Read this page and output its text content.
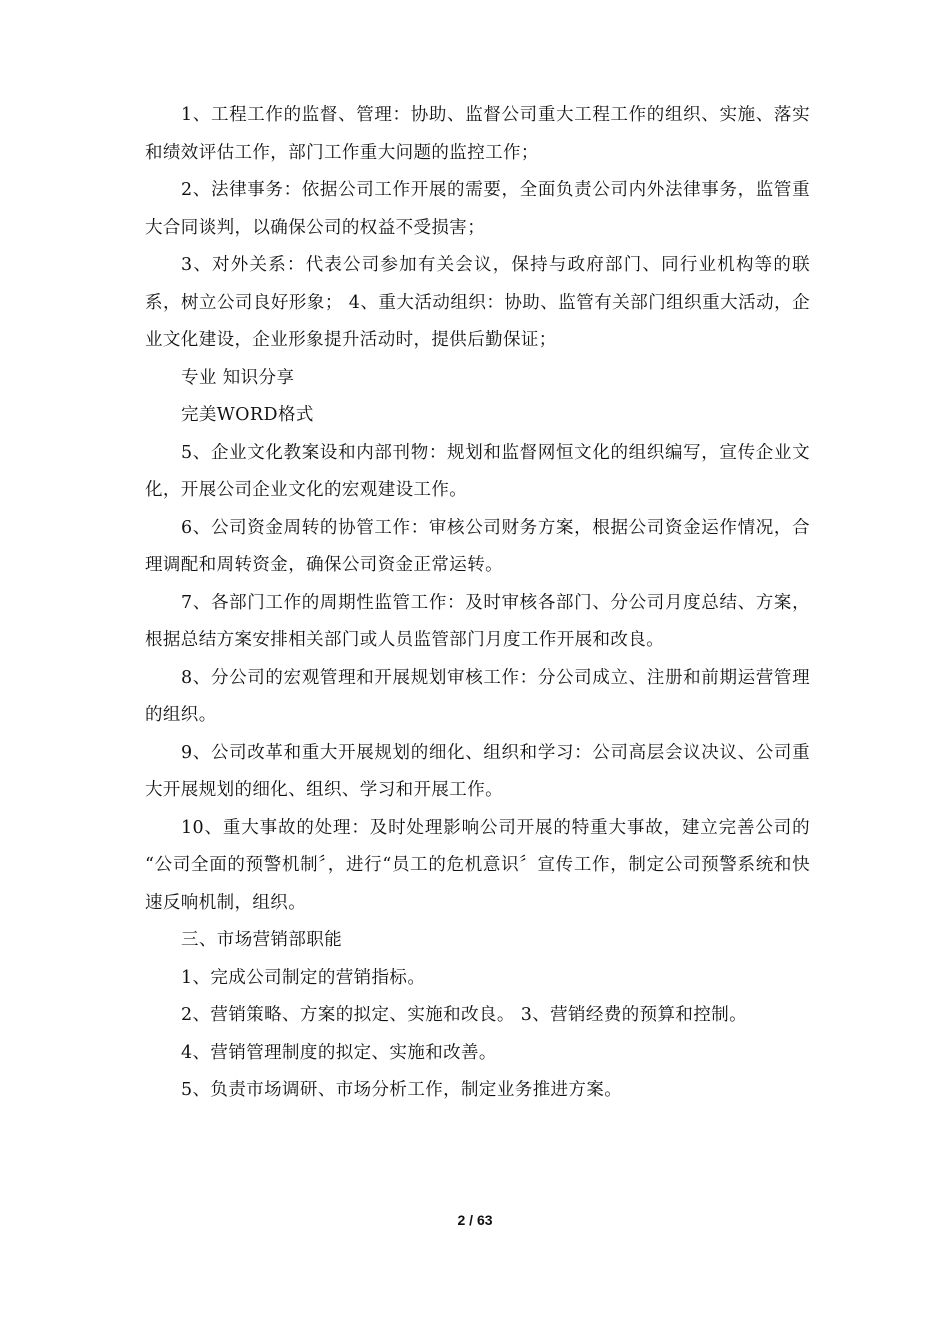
1、工程工作的监督、管理：协助、监督公司重大工程工作的组织、实施、落实和绩效评估工作，部门工作重大问题的监控工作；

2、法律事务：依据公司工作开展的需要，全面负责公司内外法律事务，监管重大合同谈判，以确保公司的权益不受损害；

3、对外关系：代表公司参加有关会议，保持与政府部门、同行业机构等的联系，树立公司良好形象； 4、重大活动组织：协助、监管有关部门组织重大活动，企业文化建设，企业形象提升活动时，提供后勤保证；

专业 知识分享

完美WORD格式

5、企业文化教案设和内部刊物：规划和监督网恒文化的组织编写，宣传企业文化，开展公司企业文化的宏观建设工作。

6、公司资金周转的协管工作：审核公司财务方案，根据公司资金运作情况，合理调配和周转资金，确保公司资金正常运转。

7、各部门工作的周期性监管工作：及时审核各部门、分公司月度总结、方案，根据总结方案安排相关部门或人员监管部门月度工作开展和改良。

8、分公司的宏观管理和开展规划审核工作：分公司成立、注册和前期运营管理的组织。

9、公司改革和重大开展规划的细化、组织和学习：公司高层会议决议、公司重大开展规划的细化、组织、学习和开展工作。

10、重大事故的处理：及时处理影响公司开展的特重大事故，建立完善公司的 “公司全面的预警机制〞，进行“员工的危机意识〞宣传工作，制定公司预警系统和快速反响机制，组织。

三、市场营销部职能

1、完成公司制定的营销指标。

2、营销策略、方案的拟定、实施和改良。 3、营销经费的预算和控制。

4、营销管理制度的拟定、实施和改善。

5、负责市场调研、市场分析工作，制定业务推进方案。

2 / 63
